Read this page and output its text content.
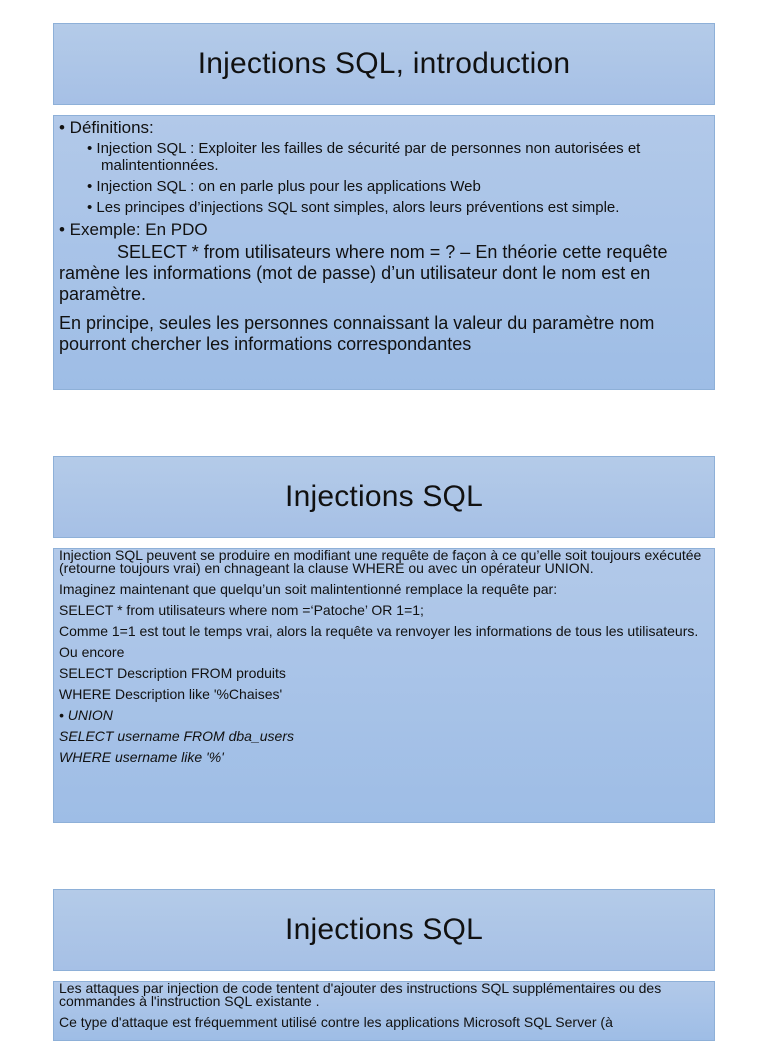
Injections SQL, introduction
• Définitions:
• Injection SQL : Exploiter les failles de sécurité par de personnes non autorisées et malintentionnées.
• Injection SQL : on en parle plus pour les applications Web
• Les principes d’injections SQL sont simples, alors leurs préventions est simple.
• Exemple: En PDO
SELECT * from utilisateurs where nom = ? – En théorie cette requête ramène les informations (mot de passe) d’un utilisateur dont le nom est en paramètre.
En principe, seules les personnes connaissant la valeur du paramètre nom pourront chercher les informations correspondantes
Injections SQL
Injection SQL peuvent se produire en modifiant une requête de façon à ce qu’elle soit toujours exécutée (retourne toujours vrai) en chnageant la clause WHERE ou avec un opérateur UNION.
Imaginez maintenant que quelqu’un soit malintentionné remplace la requête par:
SELECT * from utilisateurs where nom =‘Patoche’ OR 1=1;
Comme 1=1 est tout le temps vrai, alors la requête va renvoyer les informations de tous les utilisateurs.
Ou encore
SELECT Description FROM produits
WHERE Description like '%Chaises'
• UNION
SELECT username FROM dba_users
WHERE username like '%'
Injections SQL
Les attaques par injection de code tentent d'ajouter des instructions SQL supplémentaires ou des commandes à l'instruction SQL existante .
Ce type d'attaque est fréquemment utilisé contre les applications Microsoft SQL Server (à
